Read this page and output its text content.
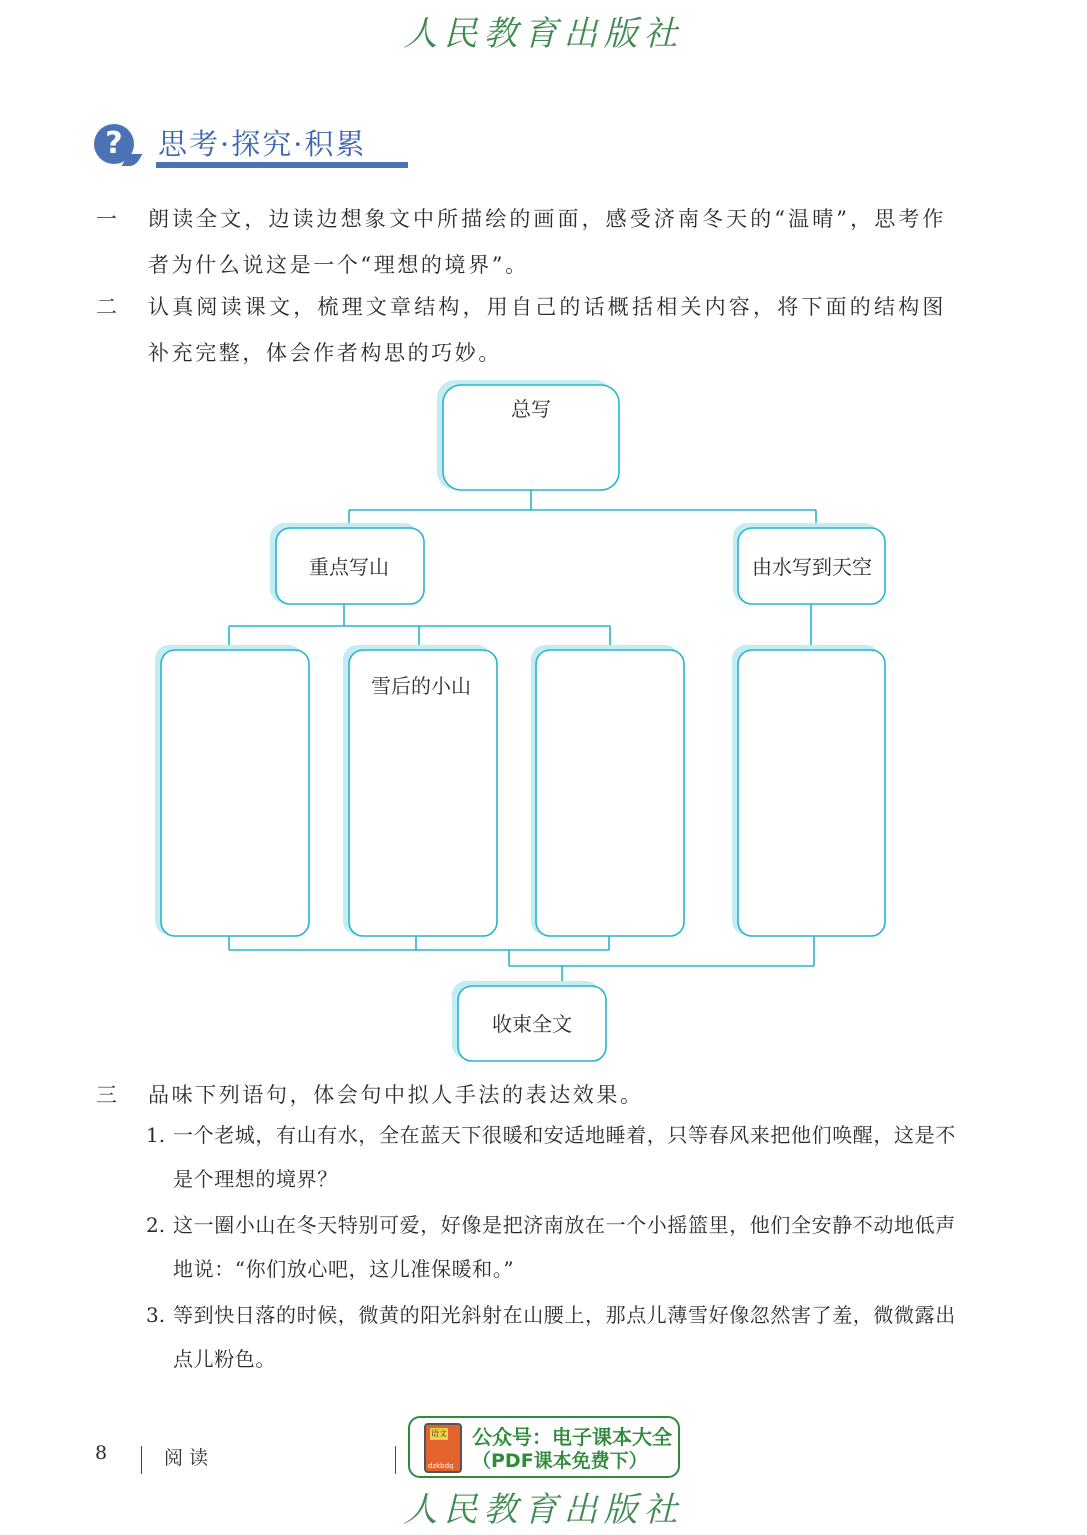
人民教育出版社
?	思考·探究·积累
一	朗读全文，边读边想象文中所描绘的画面，感受济南冬天的“温晴”，思考作者为什么说这是一个“理想的境界”。
二	认真阅读课文，梳理文章结构，用自己的话概括相关内容，将下面的结构图补充完整，体会作者构思的巧妙。
总写
重点写山	由水写到天空
雪后的小山
收束全文
三	品味下列语句，体会句中拟人手法的表达效果。
1. 一个老城，有山有水，全在蓝天下很暖和安适地睡着，只等春风来把他们唤醒，这是不是个理想的境界？
2. 这一圈小山在冬天特别可爱，好像是把济南放在一个小摇篮里，他们全安静不动地低声地说：“你们放心吧，这儿准保暖和。”
3. 等到快日落的时候，微黄的阳光斜射在山腰上，那点儿薄雪好像忽然害了羞，微微露出点儿粉色。
8	阅读
语文
dzkbdq
公众号：电子课本大全
（PDF课本免费下）
人民教育出版社
